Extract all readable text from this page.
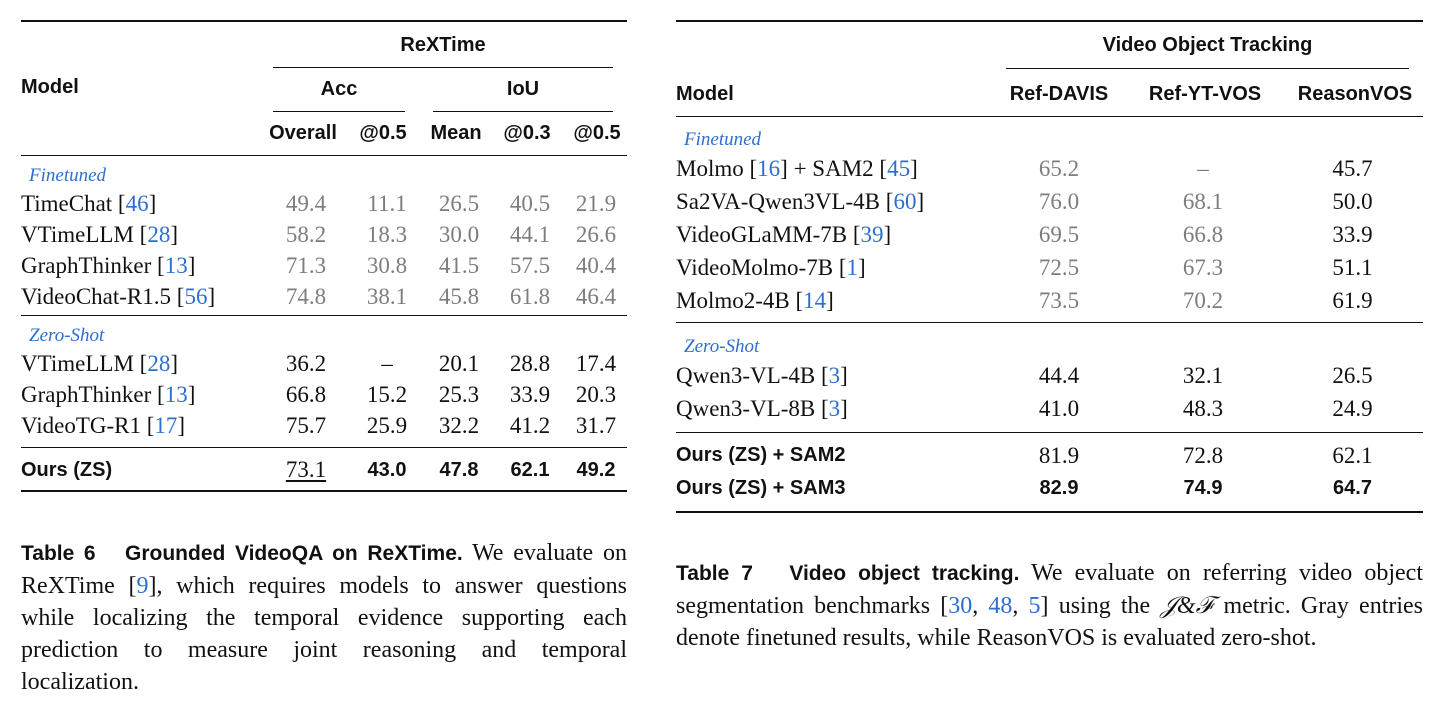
Model
ReXTime
Acc	IoU
Overall	@0.5	Mean	@0.3	@0.5
Finetuned
TimeChat [46]	49.4	11.1	26.5	40.5	21.9
VTimeLLM [28]	58.2	18.3	30.0	44.1	26.6
GraphThinker [13]	71.3	30.8	41.5	57.5	40.4
VideoChat-R1.5 [56]	74.8	38.1	45.8	61.8	46.4
Zero-Shot
VTimeLLM [28]	36.2	–	20.1	28.8	17.4
GraphThinker [13]	66.8	15.2	25.3	33.9	20.3
VideoTG-R1 [17]	75.7	25.9	32.2	41.2	31.7
Ours (ZS)	73.1	43.0	47.8	62.1	49.2
Table 6 Grounded VideoQA on ReXTime. We evaluate on ReXTime [9], which requires models to answer questions while localizing the temporal evidence supporting each prediction to measure joint reasoning and temporal localization.
Video Object Tracking
Model	Ref-DAVIS	Ref-YT-VOS	ReasonVOS
Finetuned
Molmo [16] + SAM2 [45]	65.2	–	45.7
Sa2VA-Qwen3VL-4B [60]	76.0	68.1	50.0
VideoGLaMM-7B [39]	69.5	66.8	33.9
VideoMolmo-7B [1]	72.5	67.3	51.1
Molmo2-4B [14]	73.5	70.2	61.9
Zero-Shot
Qwen3-VL-4B [3]	44.4	32.1	26.5
Qwen3-VL-8B [3]	41.0	48.3	24.9
Ours (ZS) + SAM2	81.9	72.8	62.1
Ours (ZS) + SAM3	82.9	74.9	64.7
Table 7 Video object tracking. We evaluate on referring video object segmentation benchmarks [30, 48, 5] using the 𝒥&ℱ metric. Gray entries denote finetuned results, while ReasonVOS is evaluated zero-shot.
